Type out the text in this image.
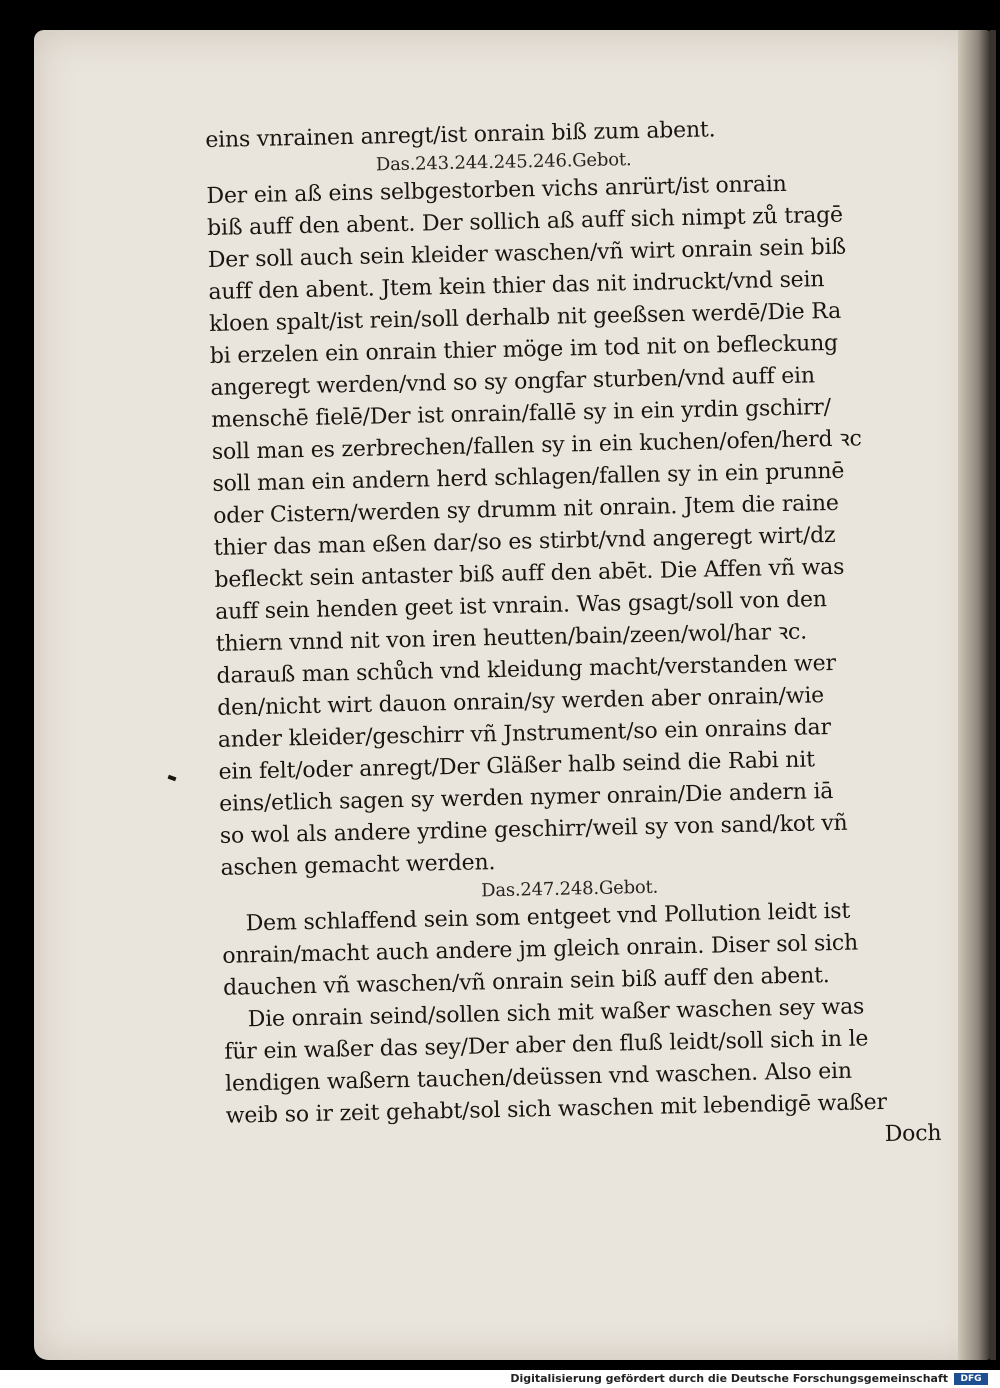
eins vnrainen anregt/ist onrain biß zum abent.
Das.243.244.245.246.Gebot.
Der ein aß eins selbgestorben vichs anrürt/ist onrain
biß auff den abent. Der sollich aß auff sich nimpt zů tragē
Der soll auch sein kleider waschen/vñ wirt onrain sein biß
auff den abent. Jtem kein thier das nit indruckt/vnd sein
kloen spalt/ist rein/soll derhalb nit geeßsen werdē/Die Ra
bi erzelen ein onrain thier möge im tod nit on befleckung
angeregt werden/vnd so sy ongfar sturben/vnd auff ein
menschē fielē/Der ist onrain/fallē sy in ein yrdin gschirr/
soll man es zerbrechen/fallen sy in ein kuchen/ofen/herd ꝛc
soll man ein andern herd schlagen/fallen sy in ein prunnē
oder Cistern/werden sy drumm nit onrain. Jtem die raine
thier das man eßen dar/so es stirbt/vnd angeregt wirt/dz
befleckt sein antaster biß auff den abēt. Die Affen vñ was
auff sein henden geet ist vnrain. Was gsagt/soll von den
thiern vnnd nit von iren heutten/bain/zeen/wol/har ꝛc.
darauß man schůch vnd kleidung macht/verstanden wer
den/nicht wirt dauon onrain/sy werden aber onrain/wie
ander kleider/geschirr vñ Jnstrument/so ein onrains dar
ein felt/oder anregt/Der Gläßer halb seind die Rabi nit
eins/etlich sagen sy werden nymer onrain/Die andern iā
so wol als andere yrdine geschirr/weil sy von sand/kot vñ
aschen gemacht werden.
Das.247.248.Gebot.
Dem schlaffend sein som entgeet vnd Pollution leidt ist
onrain/macht auch andere jm gleich onrain. Diser sol sich
dauchen vñ waschen/vñ onrain sein biß auff den abent.
Die onrain seind/sollen sich mit waßer waschen sey was
für ein waßer das sey/Der aber den fluß leidt/soll sich in le
lendigen waßern tauchen/deüssen vnd waschen. Also ein
weib so ir zeit gehabt/sol sich waschen mit lebendigē waßer
Doch
Digitalisierung gefördert durch die Deutsche Forschungsgemeinschaft	DFG
